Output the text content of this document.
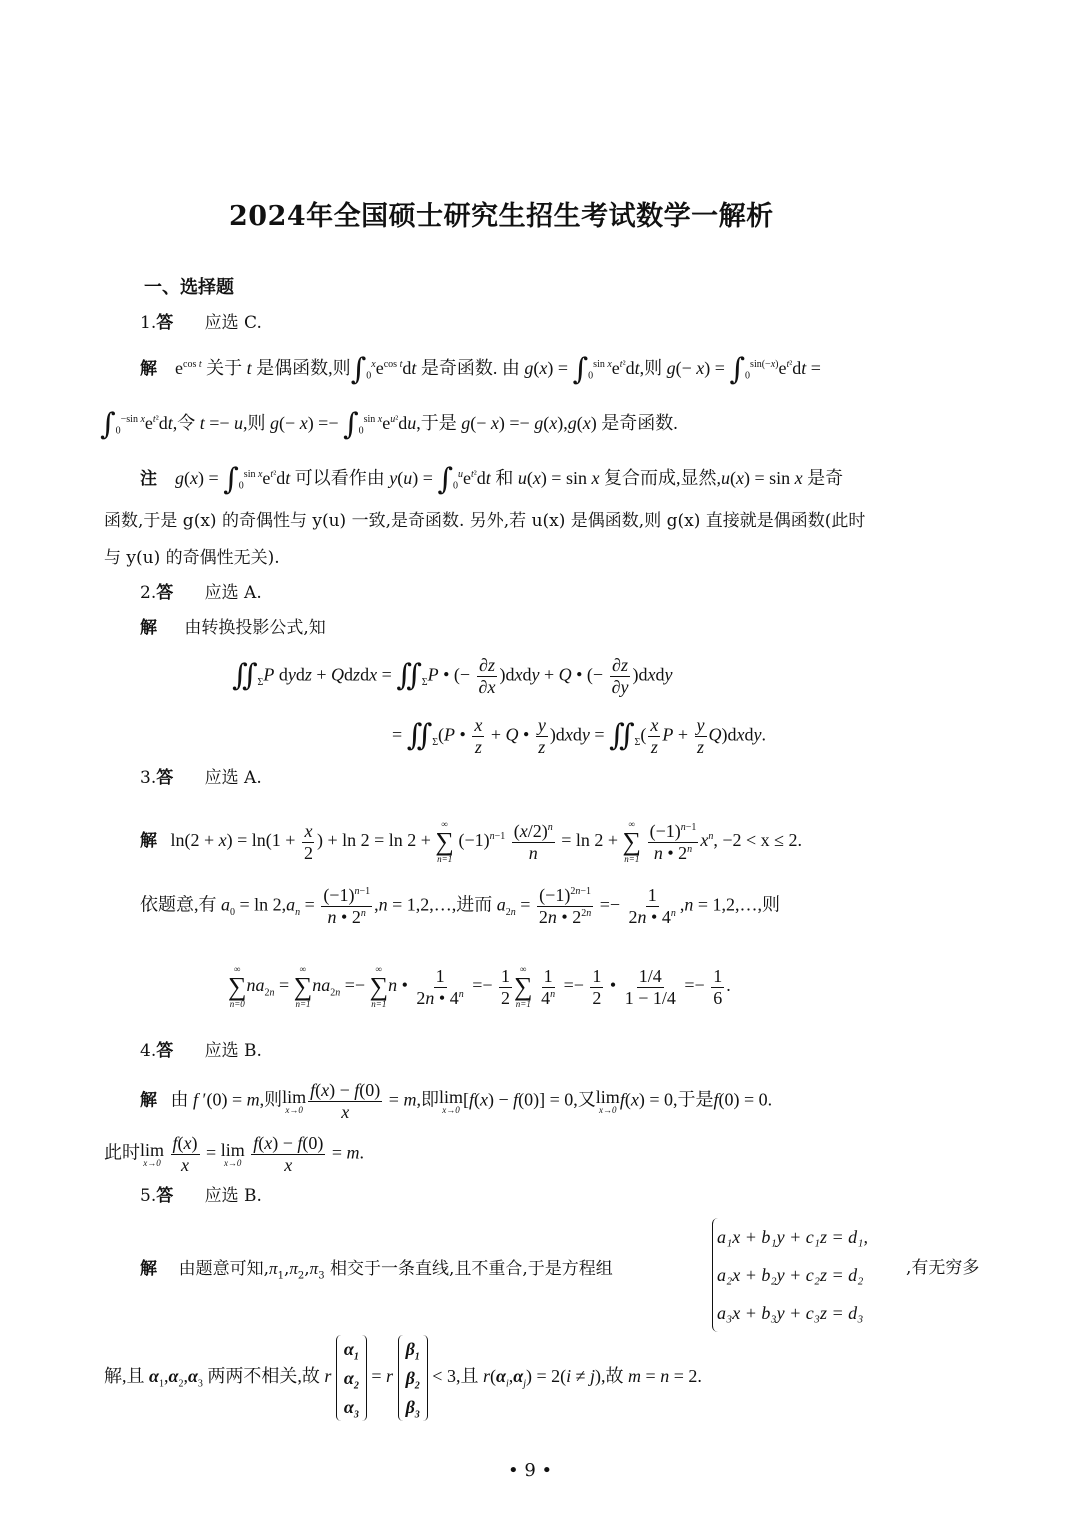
2024年全国硕士研究生招生考试数学一解析
一、选择题
1.答 应选 C.
解    $e^{cos t}$ 关于 t 是偶函数,则$\int_0^xe^{cos t}dt$ 是奇函数. 由 $g(x) = \int_0^{sin x}e^{t^2}dt$,则 $g(- x) = \int_0^{sin(-x)}e^{t^2}dt$ =
$\int_0^{-sin x}e^{t^2}dt$,令 t =− u,则 $g(- x) =- \int_0^{sin x}e^{u^2}du$,于是 g(− x) =− g(x),g(x) 是奇函数.
注 $g(x) = \int_0^{sin x}e^{t^2}dt$ 可以看作由 $y(u) = \int_0^ue^{t^2}dt$ 和 u(x) = sin x 复合而成,显然,u(x) = sin x 是奇
函数,于是 g(x) 的奇偶性与 y(u) 一致,是奇函数. 另外,若 u(x) 是偶函数,则 g(x) 直接就是偶函数(此时
与 y(u) 的奇偶性无关).
2.答 应选 A.
解 由转换投影公式,知
$∬_\Sigma P$ dydz + Qdzdx = $∬_\Sigma P$ • (− $\frac{\partial z}{\partial x}$ )dxdy + Q • (− $\frac{\partial z}{\partial y}$ )dxdy
= $∬_\Sigma(P$ • $\frac{x}{z} + Q$ • $\frac{y}{z}$ )dxdy = $∬_\Sigma( \frac{x}{z}$ $P + \frac{y}{z}$ Q)dxdy.
3.答 应选 A.
解   $\ln(2 + x) = \ln(1 + \frac{x}{2}$ ) + ln 2 = ln 2 +
∞
∑
n=1
$(-1)^{n-1} \frac{(x/2)^n}{n} = \ln 2$ +
∞
∑
n=1
$\frac{(-1)^{n-1}}{n • 2^n} x^n$, −2 < x ≤ 2.
依题意,有 $a_0 = \ln 2,a_n = \frac{(-1)^{n-1}}{n • 2^n} ,n$ = 1,2,…,进而 $a_{2n} = \frac{(-1)^{2n-1}}{2n • 2^{2n}} =- \frac{1}{2n • 4^n} ,n$ = 1,2,…,则
∞
∑
n=0
$na_{2n}$ =
∞
∑
n=1
$na_{2n}$ =−
∞
∑
n=1
n • $\frac{1}{2n • 4^n} =- \frac{1}{2}$ ∞
∑
n=1
$\frac{1}{4^n} =- \frac{1}{2}$ • $\frac{1/4}{1 - 1/4} =- \frac{1}{6}$ .
4.答 应选 B.
解 由 f ′(0) = m,则lim
$x\to 0 \frac{f(x) - f(0)}{x} = m$,即lim
x→0
[f(x) − f(0)] = 0,又lim
x→0
f(x) = 0,于是f(0) = 0.
此时lim
x→0
$\frac{f(x)}{x} = \lim$
x→0
$\frac{f(x) - f(0)}{x} = m$.
5.答 应选 B.
解 由题意可知$,\pi_1,\pi_2,\pi_3$ 相交于一条直线,且不重合,于是方程组
a₁x + b₁y + c₁z = d₁,
a₂x + b₂y + c₂z = d₂
a₃x + b₃y + c₃z = d₃
,有无穷多
解,且 $\alpha_1,\alpha_2,\alpha_3$ 两两不相关,故 r
$\alpha_1$
$\alpha_2$
$\alpha_3$
= r
$\beta_1$
$\beta_2$
$\beta_3$
< 3,且 $r(\alpha_i,\alpha_j) = 2(i \ne j)$,故 m = n = 2.
• 9 •
